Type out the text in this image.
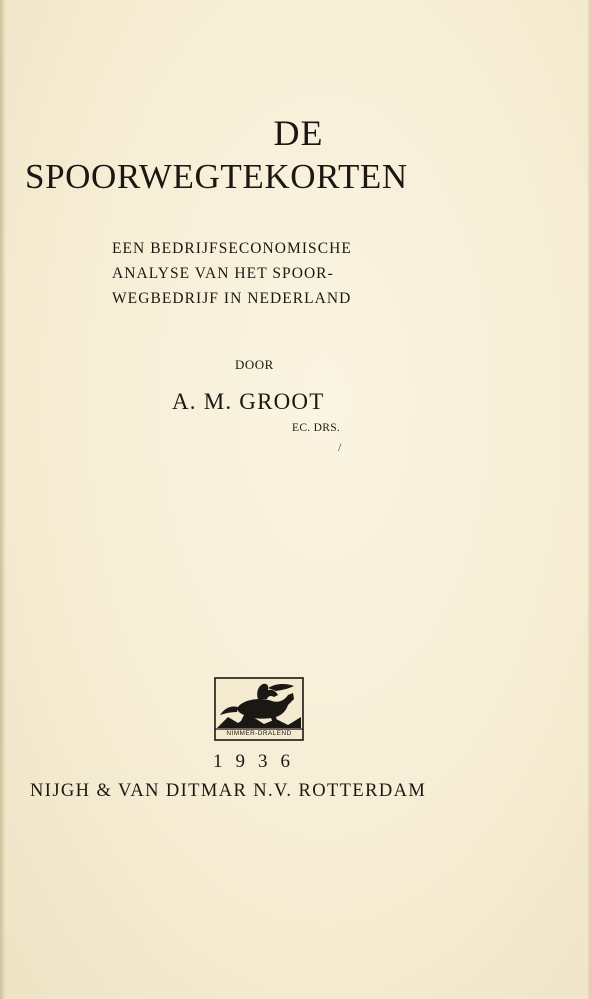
DE
SPOORWEGTEKORTEN

EEN BEDRIJFSECONOMISCHE

ANALYSE VAN HET SPOOR-

WEGBEDRIJF IN NEDERLAND

DOOR

A. M. GROOT

EC. DRS.

/
NIMMER-DRALEND

1936

NIJGH & VAN DITMAR N.V. ROTTERDAM
